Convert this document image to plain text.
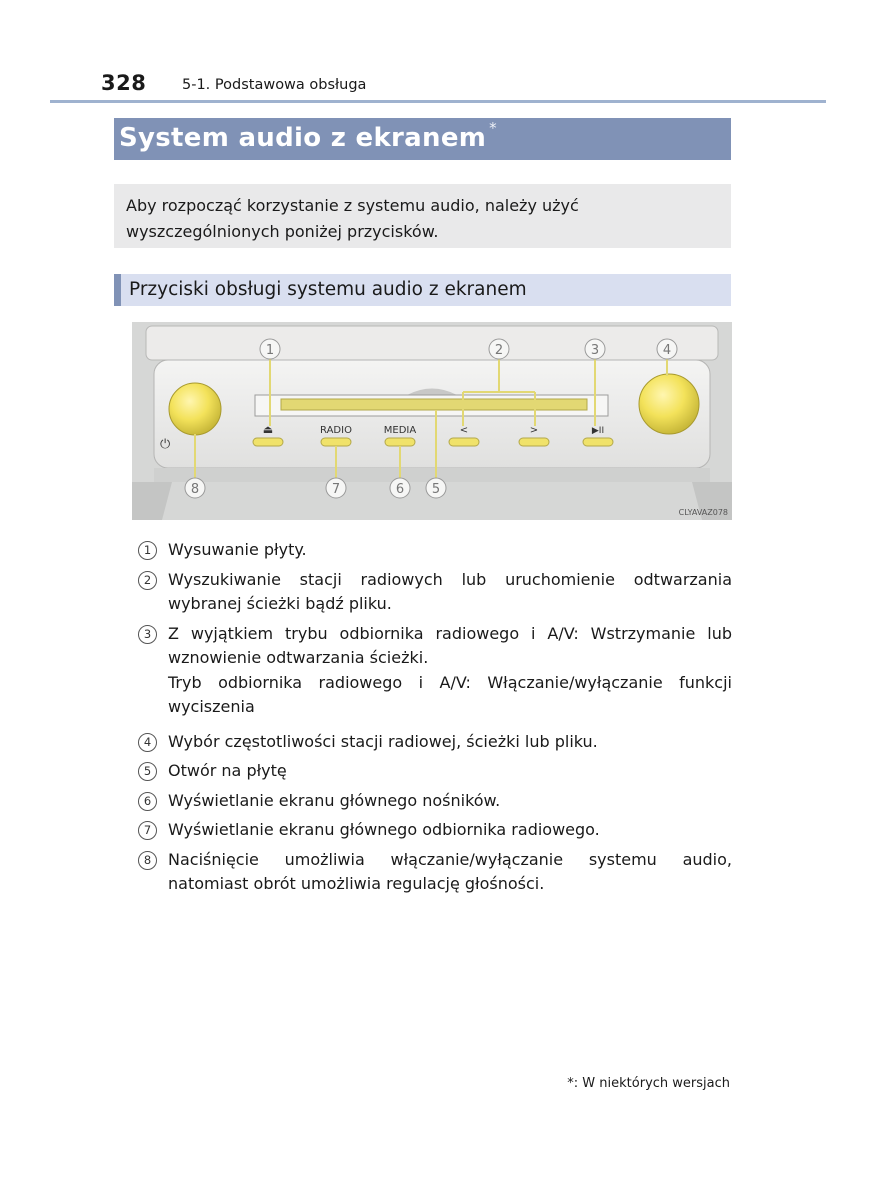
328 5-1. Podstawowa obsługa
System audio z ekranem *
Aby rozpocząć korzystanie z systemu audio, należy użyć wyszczególnionych poniżej przycisków.
Przyciski obsługi systemu audio z ekranem
⏻
⏏	RADIO	MEDIA	<	>	▶II
1	2	3	4
5
6
7
8
CLYAVAZ078
1	Wysuwanie płyty.
2	Wyszukiwanie stacji radiowych lub uruchomienie odtwarzania wybranej ścieżki bądź pliku.
3	Z wyjątkiem trybu odbiornika radiowego i A/V: Wstrzymanie lub wznowienie odtwarzania ścieżki.
Tryb odbiornika radiowego i A/V: Włączanie/wyłączanie funkcji wyciszenia
4	Wybór częstotliwości stacji radiowej, ścieżki lub pliku.
5	Otwór na płytę
6	Wyświetlanie ekranu głównego nośników.
7	Wyświetlanie ekranu głównego odbiornika radiowego.
8	Naciśnięcie umożliwia włączanie/wyłączanie systemu audio, natomiast obrót umożliwia regulację głośności.
*: W niektórych wersjach
